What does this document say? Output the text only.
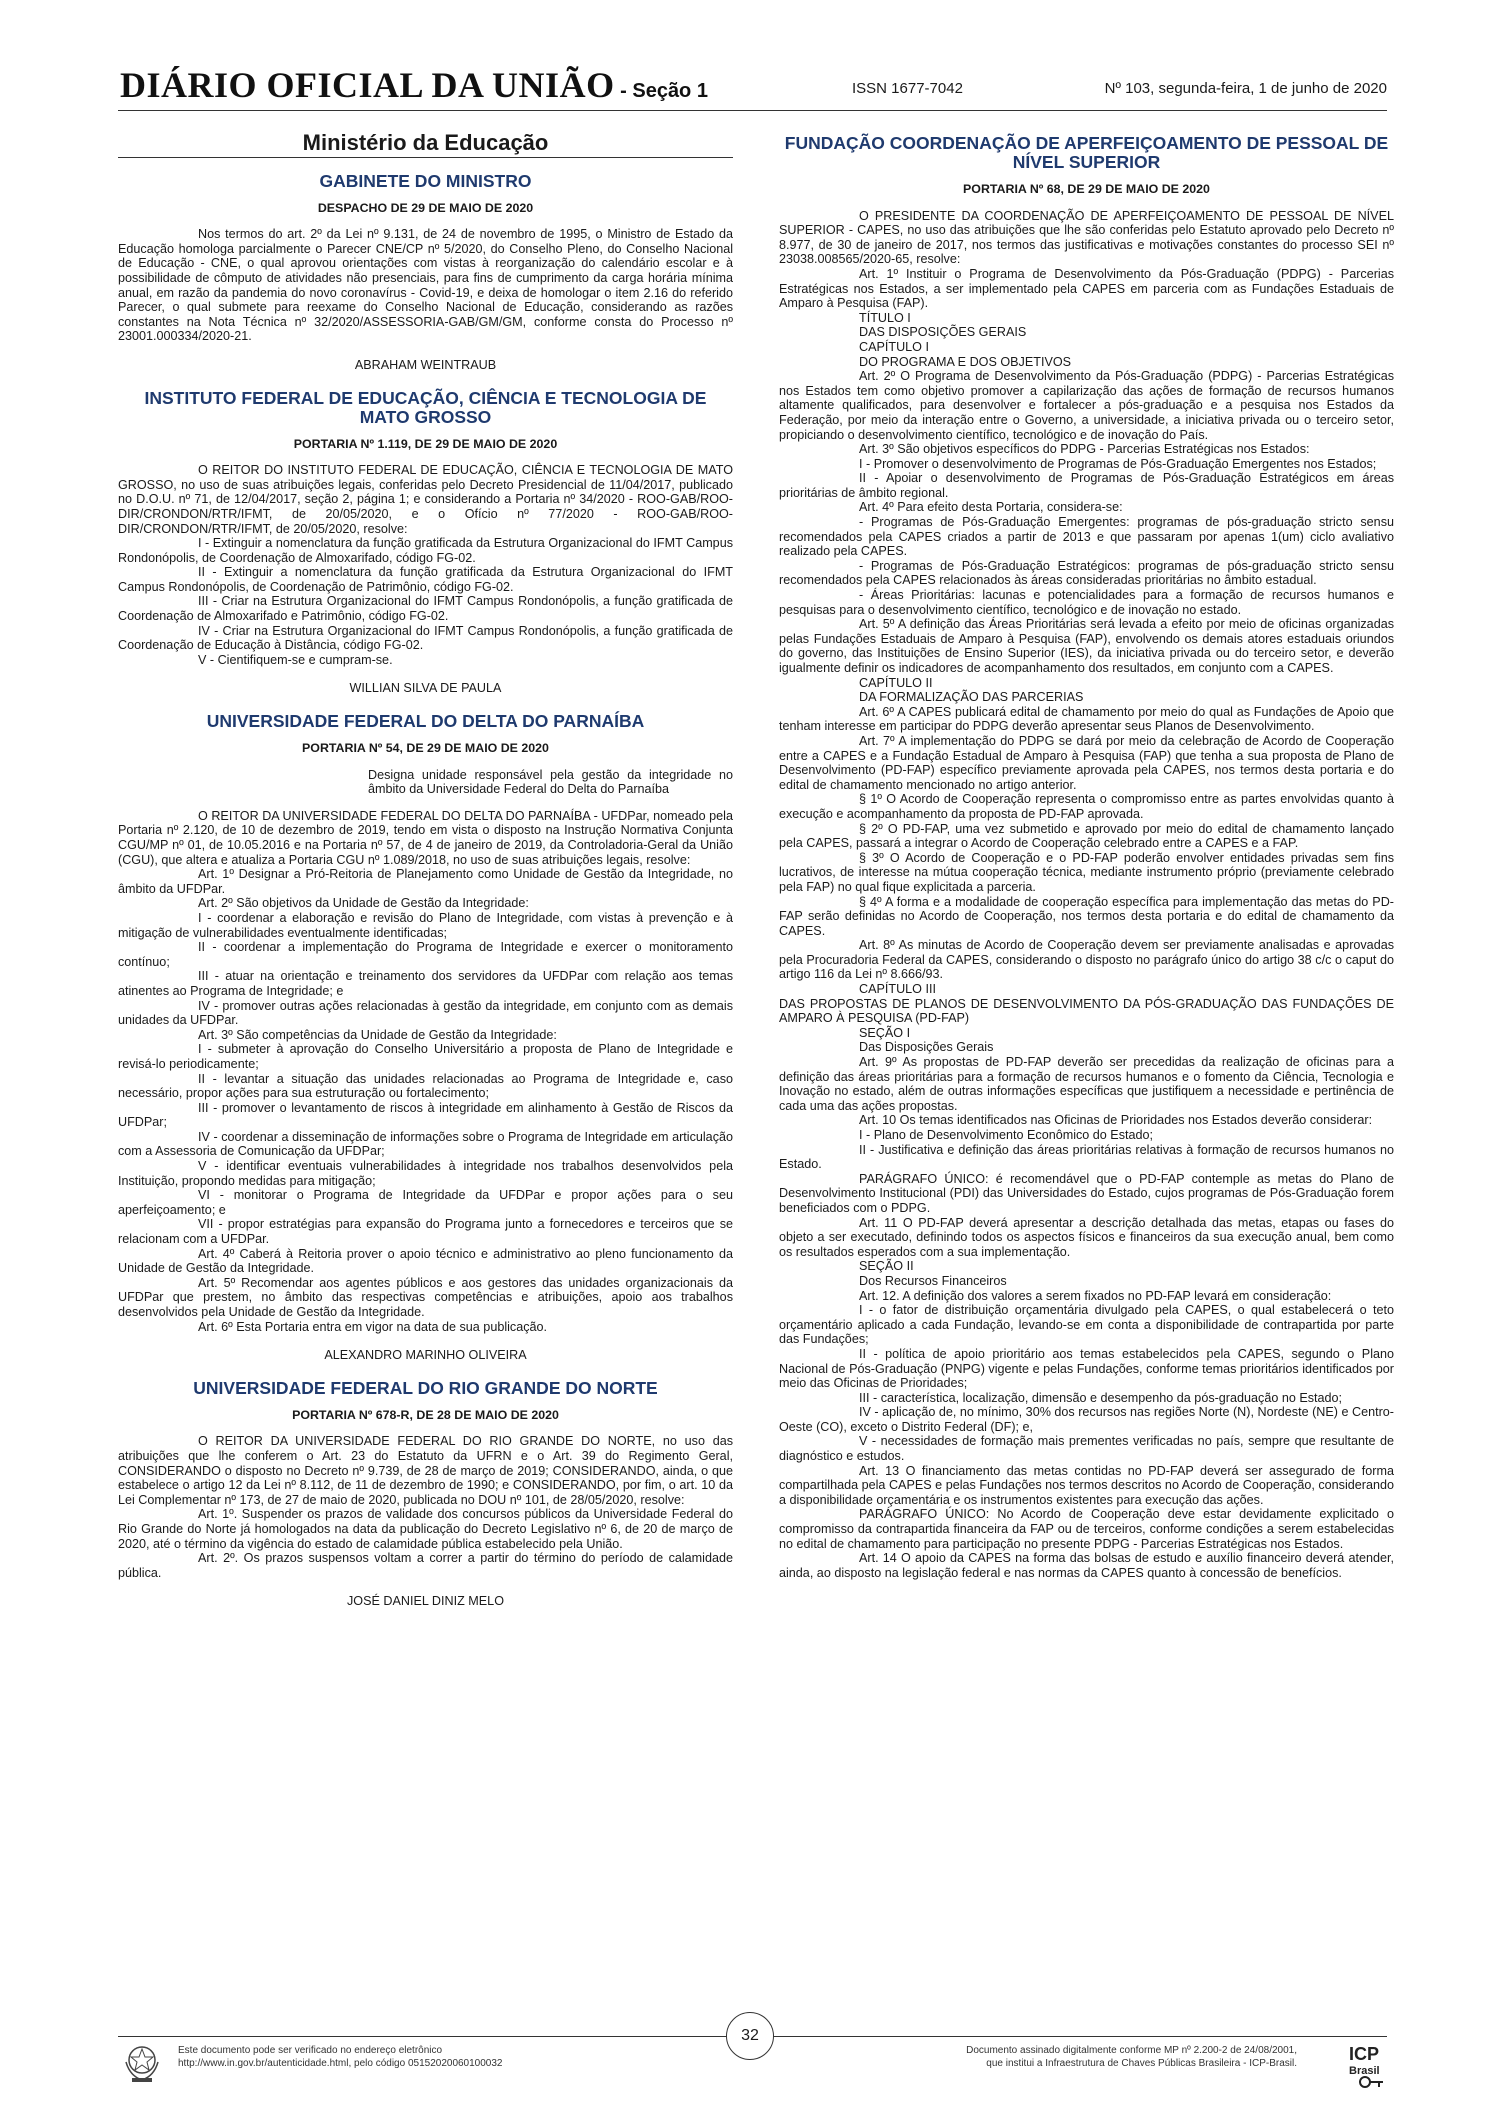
DIÁRIO OFICIAL DA UNIÃO - Seção 1	ISSN 1677-7042	Nº 103, segunda-feira, 1 de junho de 2020
Ministério da Educação
GABINETE DO MINISTRO
DESPACHO DE 29 DE MAIO DE 2020

Nos termos do art. 2º da Lei nº 9.131, de 24 de novembro de 1995, o Ministro de Estado da Educação homologa parcialmente o Parecer CNE/CP nº 5/2020, do Conselho Pleno, do Conselho Nacional de Educação - CNE, o qual aprovou orientações com vistas à reorganização do calendário escolar e à possibilidade de cômputo de atividades não presenciais, para fins de cumprimento da carga horária mínima anual, em razão da pandemia do novo coronavírus - Covid-19, e deixa de homologar o item 2.16 do referido Parecer, o qual submete para reexame do Conselho Nacional de Educação, considerando as razões constantes na Nota Técnica nº 32/2020/ASSESSORIA-GAB/GM/GM, conforme consta do Processo nº 23001.000334/2020-21.

ABRAHAM WEINTRAUB
INSTITUTO FEDERAL DE EDUCAÇÃO, CIÊNCIA E TECNOLOGIA DE MATO GROSSO
PORTARIA Nº 1.119, DE 29 DE MAIO DE 2020

O REITOR DO INSTITUTO FEDERAL DE EDUCAÇÃO, CIÊNCIA E TECNOLOGIA DE MATO GROSSO, no uso de suas atribuições legais, conferidas pelo Decreto Presidencial de 11/04/2017, publicado no D.O.U. nº 71, de 12/04/2017, seção 2, página 1; e considerando a Portaria nº 34/2020 - ROO-GAB/ROO-DIR/CRONDON/RTR/IFMT, de 20/05/2020, e o Ofício nº 77/2020 - ROO-GAB/ROO-DIR/CRONDON/RTR/IFMT, de 20/05/2020, resolve:

I - Extinguir a nomenclatura da função gratificada da Estrutura Organizacional do IFMT Campus Rondonópolis, de Coordenação de Almoxarifado, código FG-02.

II - Extinguir a nomenclatura da função gratificada da Estrutura Organizacional do IFMT Campus Rondonópolis, de Coordenação de Patrimônio, código FG-02.

III - Criar na Estrutura Organizacional do IFMT Campus Rondonópolis, a função gratificada de Coordenação de Almoxarifado e Patrimônio, código FG-02.

IV - Criar na Estrutura Organizacional do IFMT Campus Rondonópolis, a função gratificada de Coordenação de Educação à Distância, código FG-02.

V - Cientifiquem-se e cumpram-se.

WILLIAN SILVA DE PAULA
UNIVERSIDADE FEDERAL DO DELTA DO PARNAÍBA
PORTARIA Nº 54, DE 29 DE MAIO DE 2020
Designa unidade responsável pela gestão da integridade no âmbito da Universidade Federal do Delta do Parnaíba

O REITOR DA UNIVERSIDADE FEDERAL DO DELTA DO PARNAÍBA - UFDPar, nomeado pela Portaria nº 2.120, de 10 de dezembro de 2019, tendo em vista o disposto na Instrução Normativa Conjunta CGU/MP nº 01, de 10.05.2016 e na Portaria nº 57, de 4 de janeiro de 2019, da Controladoria-Geral da União (CGU), que altera e atualiza a Portaria CGU nº 1.089/2018, no uso de suas atribuições legais, resolve:

Art. 1º Designar a Pró-Reitoria de Planejamento como Unidade de Gestão da Integridade, no âmbito da UFDPar.

Art. 2º São objetivos da Unidade de Gestão da Integridade:

I - coordenar a elaboração e revisão do Plano de Integridade, com vistas à prevenção e à mitigação de vulnerabilidades eventualmente identificadas;

II - coordenar a implementação do Programa de Integridade e exercer o monitoramento contínuo;

III - atuar na orientação e treinamento dos servidores da UFDPar com relação aos temas atinentes ao Programa de Integridade; e

IV - promover outras ações relacionadas à gestão da integridade, em conjunto com as demais unidades da UFDPar.

Art. 3º São competências da Unidade de Gestão da Integridade:

I - submeter à aprovação do Conselho Universitário a proposta de Plano de Integridade e revisá-lo periodicamente;

II - levantar a situação das unidades relacionadas ao Programa de Integridade e, caso necessário, propor ações para sua estruturação ou fortalecimento;

III - promover o levantamento de riscos à integridade em alinhamento à Gestão de Riscos da UFDPar;

IV - coordenar a disseminação de informações sobre o Programa de Integridade em articulação com a Assessoria de Comunicação da UFDPar;

V - identificar eventuais vulnerabilidades à integridade nos trabalhos desenvolvidos pela Instituição, propondo medidas para mitigação;

VI - monitorar o Programa de Integridade da UFDPar e propor ações para o seu aperfeiçoamento; e

VII - propor estratégias para expansão do Programa junto a fornecedores e terceiros que se relacionam com a UFDPar.

Art. 4º Caberá à Reitoria prover o apoio técnico e administrativo ao pleno funcionamento da Unidade de Gestão da Integridade.

Art. 5º Recomendar aos agentes públicos e aos gestores das unidades organizacionais da UFDPar que prestem, no âmbito das respectivas competências e atribuições, apoio aos trabalhos desenvolvidos pela Unidade de Gestão da Integridade.

Art. 6º Esta Portaria entra em vigor na data de sua publicação.

ALEXANDRO MARINHO OLIVEIRA
UNIVERSIDADE FEDERAL DO RIO GRANDE DO NORTE
PORTARIA Nº 678-R, DE 28 DE MAIO DE 2020

O REITOR DA UNIVERSIDADE FEDERAL DO RIO GRANDE DO NORTE, no uso das atribuições que lhe conferem o Art. 23 do Estatuto da UFRN e o Art. 39 do Regimento Geral, CONSIDERANDO o disposto no Decreto nº 9.739, de 28 de março de 2019; CONSIDERANDO, ainda, o que estabelece o artigo 12 da Lei nº 8.112, de 11 de dezembro de 1990; e CONSIDERANDO, por fim, o art. 10 da Lei Complementar nº 173, de 27 de maio de 2020, publicada no DOU nº 101, de 28/05/2020, resolve:

Art. 1º. Suspender os prazos de validade dos concursos públicos da Universidade Federal do Rio Grande do Norte já homologados na data da publicação do Decreto Legislativo nº 6, de 20 de março de 2020, até o término da vigência do estado de calamidade pública estabelecido pela União.

Art. 2º. Os prazos suspensos voltam a correr a partir do término do período de calamidade pública.

JOSÉ DANIEL DINIZ MELO
FUNDAÇÃO COORDENAÇÃO DE APERFEIÇOAMENTO DE PESSOAL DE NÍVEL SUPERIOR
PORTARIA Nº 68, DE 29 DE MAIO DE 2020

O PRESIDENTE DA COORDENAÇÃO DE APERFEIÇOAMENTO DE PESSOAL DE NÍVEL SUPERIOR - CAPES, no uso das atribuições que lhe são conferidas pelo Estatuto aprovado pelo Decreto nº 8.977, de 30 de janeiro de 2017, nos termos das justificativas e motivações constantes do processo SEI nº 23038.008565/2020-65, resolve:

Art. 1º Instituir o Programa de Desenvolvimento da Pós-Graduação (PDPG) - Parcerias Estratégicas nos Estados, a ser implementado pela CAPES em parceria com as Fundações Estaduais de Amparo à Pesquisa (FAP).

TÍTULO I

DAS DISPOSIÇÕES GERAIS

CAPÍTULO I

DO PROGRAMA E DOS OBJETIVOS

Art. 2º O Programa de Desenvolvimento da Pós-Graduação (PDPG) - Parcerias Estratégicas nos Estados tem como objetivo promover a capilarização das ações de formação de recursos humanos altamente qualificados, para desenvolver e fortalecer a pós-graduação e a pesquisa nos Estados da Federação, por meio da interação entre o Governo, a universidade, a iniciativa privada ou o terceiro setor, propiciando o desenvolvimento científico, tecnológico e de inovação do País.

Art. 3º São objetivos específicos do PDPG - Parcerias Estratégicas nos Estados:

I - Promover o desenvolvimento de Programas de Pós-Graduação Emergentes nos Estados;

II - Apoiar o desenvolvimento de Programas de Pós-Graduação Estratégicos em áreas prioritárias de âmbito regional.

Art. 4º Para efeito desta Portaria, considera-se:

- Programas de Pós-Graduação Emergentes: programas de pós-graduação stricto sensu recomendados pela CAPES criados a partir de 2013 e que passaram por apenas 1(um) ciclo avaliativo realizado pela CAPES.

- Programas de Pós-Graduação Estratégicos: programas de pós-graduação stricto sensu recomendados pela CAPES relacionados às áreas consideradas prioritárias no âmbito estadual.

- Áreas Prioritárias: lacunas e potencialidades para a formação de recursos humanos e pesquisas para o desenvolvimento científico, tecnológico e de inovação no estado.

Art. 5º A definição das Áreas Prioritárias será levada a efeito por meio de oficinas organizadas pelas Fundações Estaduais de Amparo à Pesquisa (FAP), envolvendo os demais atores estaduais oriundos do governo, das Instituições de Ensino Superior (IES), da iniciativa privada ou do terceiro setor, e deverão igualmente definir os indicadores de acompanhamento dos resultados, em conjunto com a CAPES.

CAPÍTULO II

DA FORMALIZAÇÃO DAS PARCERIAS

Art. 6º A CAPES publicará edital de chamamento por meio do qual as Fundações de Apoio que tenham interesse em participar do PDPG deverão apresentar seus Planos de Desenvolvimento.

Art. 7º A implementação do PDPG se dará por meio da celebração de Acordo de Cooperação entre a CAPES e a Fundação Estadual de Amparo à Pesquisa (FAP) que tenha a sua proposta de Plano de Desenvolvimento (PD-FAP) específico previamente aprovada pela CAPES, nos termos desta portaria e do edital de chamamento mencionado no artigo anterior.

§ 1º O Acordo de Cooperação representa o compromisso entre as partes envolvidas quanto à execução e acompanhamento da proposta de PD-FAP aprovada.

§ 2º O PD-FAP, uma vez submetido e aprovado por meio do edital de chamamento lançado pela CAPES, passará a integrar o Acordo de Cooperação celebrado entre a CAPES e a FAP.

§ 3º O Acordo de Cooperação e o PD-FAP poderão envolver entidades privadas sem fins lucrativos, de interesse na mútua cooperação técnica, mediante instrumento próprio (previamente celebrado pela FAP) no qual fique explicitada a parceria.

§ 4º A forma e a modalidade de cooperação específica para implementação das metas do PD-FAP serão definidas no Acordo de Cooperação, nos termos desta portaria e do edital de chamamento da CAPES.

Art. 8º As minutas de Acordo de Cooperação devem ser previamente analisadas e aprovadas pela Procuradoria Federal da CAPES, considerando o disposto no parágrafo único do artigo 38 c/c o caput do artigo 116 da Lei nº 8.666/93.

CAPÍTULO III

DAS PROPOSTAS DE PLANOS DE DESENVOLVIMENTO DA PÓS-GRADUAÇÃO DAS FUNDAÇÕES DE AMPARO À PESQUISA (PD-FAP)

SEÇÃO I

Das Disposições Gerais

Art. 9º As propostas de PD-FAP deverão ser precedidas da realização de oficinas para a definição das áreas prioritárias para a formação de recursos humanos e o fomento da Ciência, Tecnologia e Inovação no estado, além de outras informações específicas que justifiquem a necessidade e pertinência de cada uma das ações propostas.

Art. 10 Os temas identificados nas Oficinas de Prioridades nos Estados deverão considerar:

I - Plano de Desenvolvimento Econômico do Estado;

II - Justificativa e definição das áreas prioritárias relativas à formação de recursos humanos no Estado.

PARÁGRAFO ÚNICO: é recomendável que o PD-FAP contemple as metas do Plano de Desenvolvimento Institucional (PDI) das Universidades do Estado, cujos programas de Pós-Graduação forem beneficiados com o PDPG.

Art. 11 O PD-FAP deverá apresentar a descrição detalhada das metas, etapas ou fases do objeto a ser executado, definindo todos os aspectos físicos e financeiros da sua execução anual, bem como os resultados esperados com a sua implementação.

SEÇÃO II

Dos Recursos Financeiros

Art. 12. A definição dos valores a serem fixados no PD-FAP levará em consideração:

I - o fator de distribuição orçamentária divulgado pela CAPES, o qual estabelecerá o teto orçamentário aplicado a cada Fundação, levando-se em conta a disponibilidade de contrapartida por parte das Fundações;

II - política de apoio prioritário aos temas estabelecidos pela CAPES, segundo o Plano Nacional de Pós-Graduação (PNPG) vigente e pelas Fundações, conforme temas prioritários identificados por meio das Oficinas de Prioridades;

III - característica, localização, dimensão e desempenho da pós-graduação no Estado;

IV - aplicação de, no mínimo, 30% dos recursos nas regiões Norte (N), Nordeste (NE) e Centro-Oeste (CO), exceto o Distrito Federal (DF); e,

V - necessidades de formação mais prementes verificadas no país, sempre que resultante de diagnóstico e estudos.

Art. 13 O financiamento das metas contidas no PD-FAP deverá ser assegurado de forma compartilhada pela CAPES e pelas Fundações nos termos descritos no Acordo de Cooperação, considerando a disponibilidade orçamentária e os instrumentos existentes para execução das ações.

PARÁGRAFO ÚNICO: No Acordo de Cooperação deve estar devidamente explicitado o compromisso da contrapartida financeira da FAP ou de terceiros, conforme condições a serem estabelecidas no edital de chamamento para participação no presente PDPG - Parcerias Estratégicas nos Estados.

Art. 14 O apoio da CAPES na forma das bolsas de estudo e auxílio financeiro deverá atender, ainda, ao disposto na legislação federal e nas normas da CAPES quanto à concessão de benefícios.

Este documento pode ser verificado no endereço eletrônico
http://www.in.gov.br/autenticidade.html, pelo código 05152020060100032
32
Documento assinado digitalmente conforme MP nº 2.200-2 de 24/08/2001,
que institui a Infraestrutura de Chaves Públicas Brasileira - ICP-Brasil.	ICP
Brasil
